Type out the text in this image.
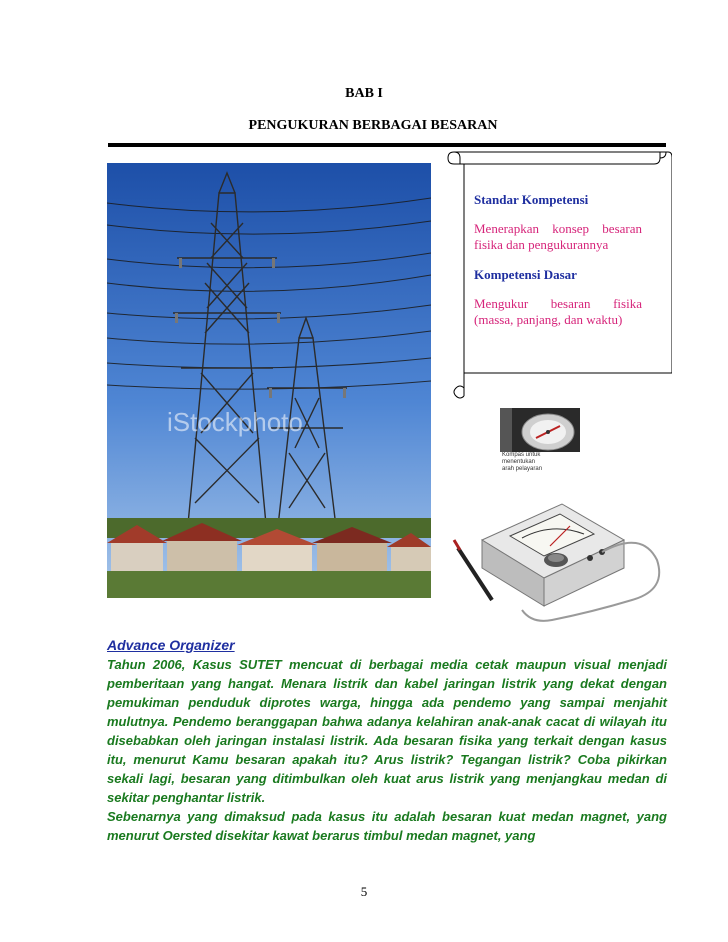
BAB I
PENGUKURAN BERBAGAI BESARAN
iStockphoto
Standar Kompetensi
Menerapkan konsep besaran fisika dan pengukurannya
Kompetensi Dasar
Mengukur besaran fisika (massa, panjang, dan waktu)
Kompas untuk menentukan arah pelayaran
Advance Organizer

Tahun 2006, Kasus SUTET mencuat di berbagai media cetak maupun visual menjadi pemberitaan yang hangat. Menara listrik dan kabel jaringan listrik yang dekat dengan pemukiman penduduk diprotes warga, hingga ada pendemo yang sampai menjahit mulutnya. Pendemo beranggapan bahwa adanya kelahiran anak-anak cacat di wilayah itu disebabkan oleh jaringan instalasi listrik. Ada besaran fisika yang terkait dengan kasus itu, menurut Kamu besaran apakah itu? Arus listrik? Tegangan listrik? Coba pikirkan sekali lagi, besaran yang ditimbulkan oleh kuat arus listrik yang menjangkau medan di sekitar penghantar listrik.

Sebenarnya yang dimaksud pada kasus itu adalah besaran kuat medan magnet, yang menurut Oersted disekitar kawat berarus timbul medan magnet, yang

5
